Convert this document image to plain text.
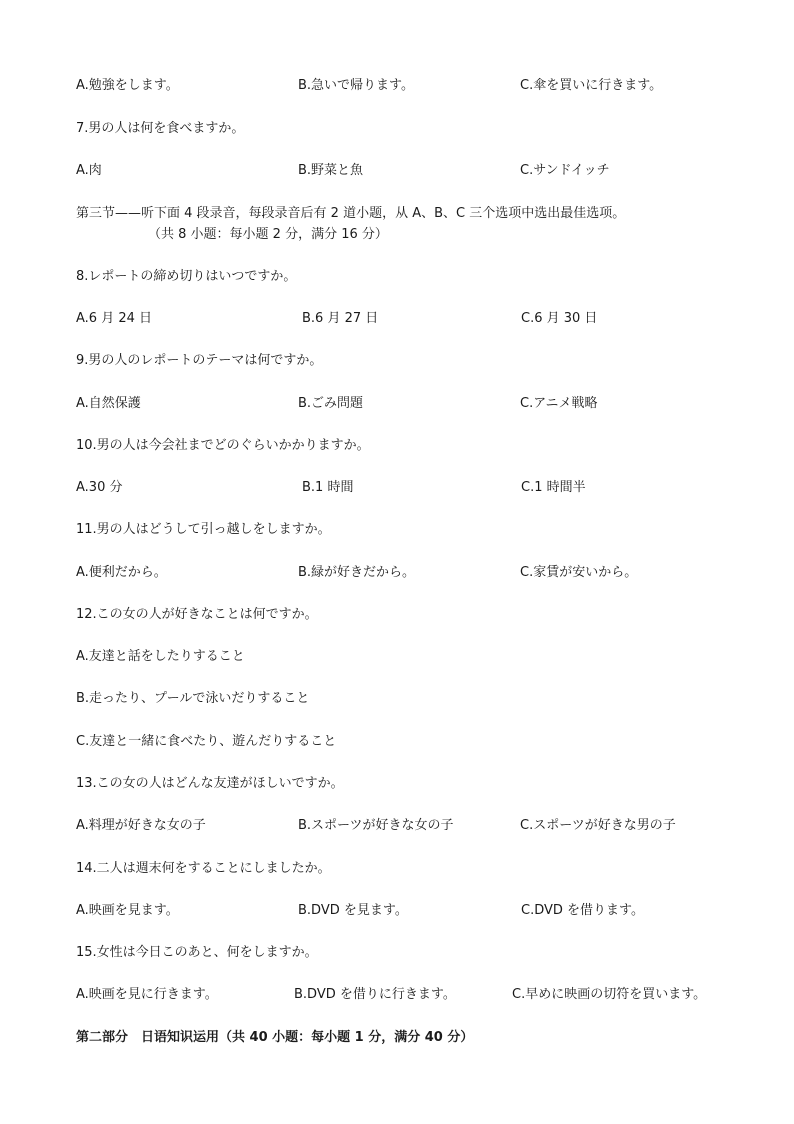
A.勉強をします。	B.急いで帰ります。	C.傘を買いに行きます。
7.男の人は何を食べますか。
A.肉	B.野菜と魚	C.サンドイッチ
第三节——听下面 4 段录音，每段录音后有 2 道小题，从 A、B、C 三个选项中选出最佳选项。
（共 8 小题：每小题 2 分，满分 16 分）
8.レポートの締め切りはいつですか。
A.6 月 24 日	B.6 月 27 日	C.6 月 30 日
9.男の人のレポートのテーマは何ですか。
A.自然保護	B.ごみ問題	C.アニメ戦略
10.男の人は今会社までどのぐらいかかりますか。
A.30 分	B.1 時間	C.1 時間半
11.男の人はどうして引っ越しをしますか。
A.便利だから。	B.緑が好きだから。	C.家賃が安いから。
12.この女の人が好きなことは何ですか。
A.友達と話をしたりすること
B.走ったり、プールで泳いだりすること
C.友達と一緒に食べたり、遊んだりすること
13.この女の人はどんな友達がほしいですか。
A.料理が好きな女の子	B.スポーツが好きな女の子	C.スポーツが好きな男の子
14.二人は週末何をすることにしましたか。
A.映画を見ます。	B.DVD を見ます。	C.DVD を借ります。
15.女性は今日このあと、何をしますか。
A.映画を見に行きます。	B.DVD を借りに行きます。	C.早めに映画の切符を買います。
第二部分　日语知识运用（共 40 小题：每小题 1 分，满分 40 分）
